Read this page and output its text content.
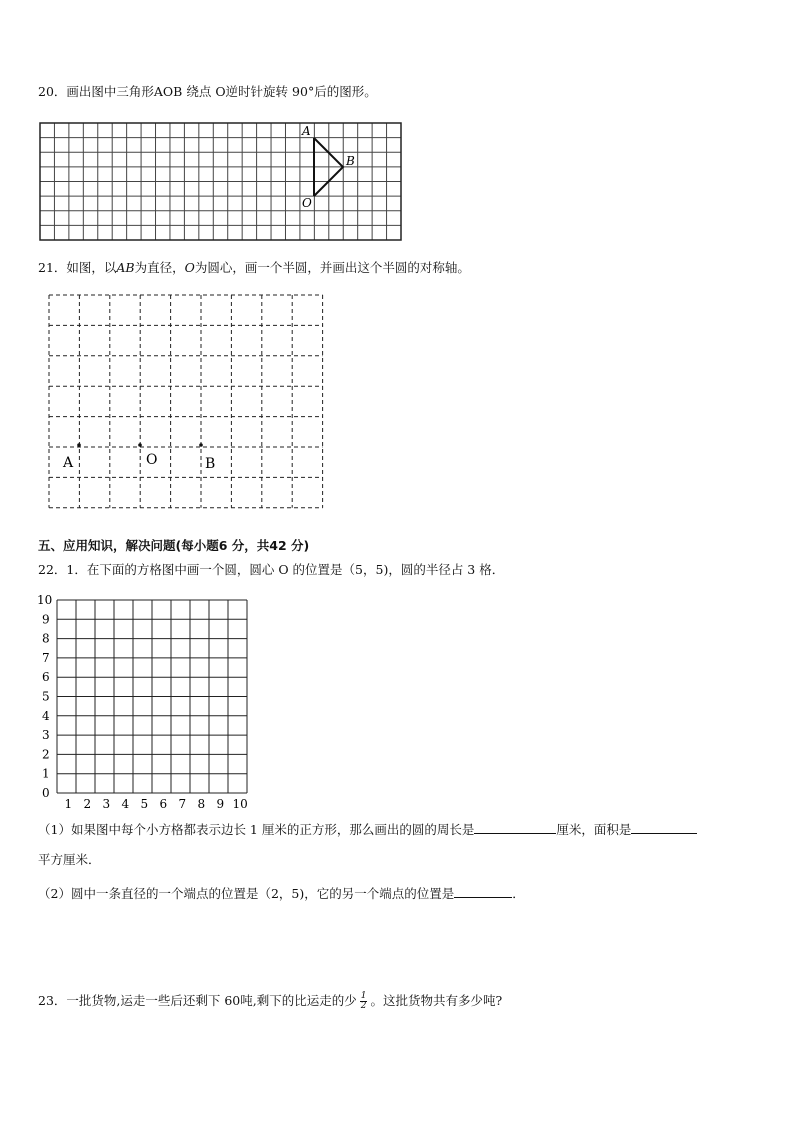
20．画出图中三角形AOB 绕点 O逆时针旋转 90°后的图形。
A
B
O
21．如图，以AB为直径，O为圆心，画一个半圆，并画出这个半圆的对称轴。
A	O	B
五、应用知识，解决问题(每小题6 分，共42 分)
22．1．在下面的方格图中画一个圆，圆心 O 的位置是（5，5)，圆的半径占 3 格．
10
9
8
7
6
5
4
3
2
1
0
1 2 3 4 5 6 7 8 9 10
（1）如果图中每个小方格都表示边长 1 厘米的正方形，那么画出的圆的周长是	厘米，面积是
平方厘米．
（2）圆中一条直径的一个端点的位置是（2，5)，它的另一个端点的位置是	．
23．一批货物,运走一些后还剩下 60吨,剩下的比运走的少 $\frac{1}{2}$ 。这批货物共有多少吨?
